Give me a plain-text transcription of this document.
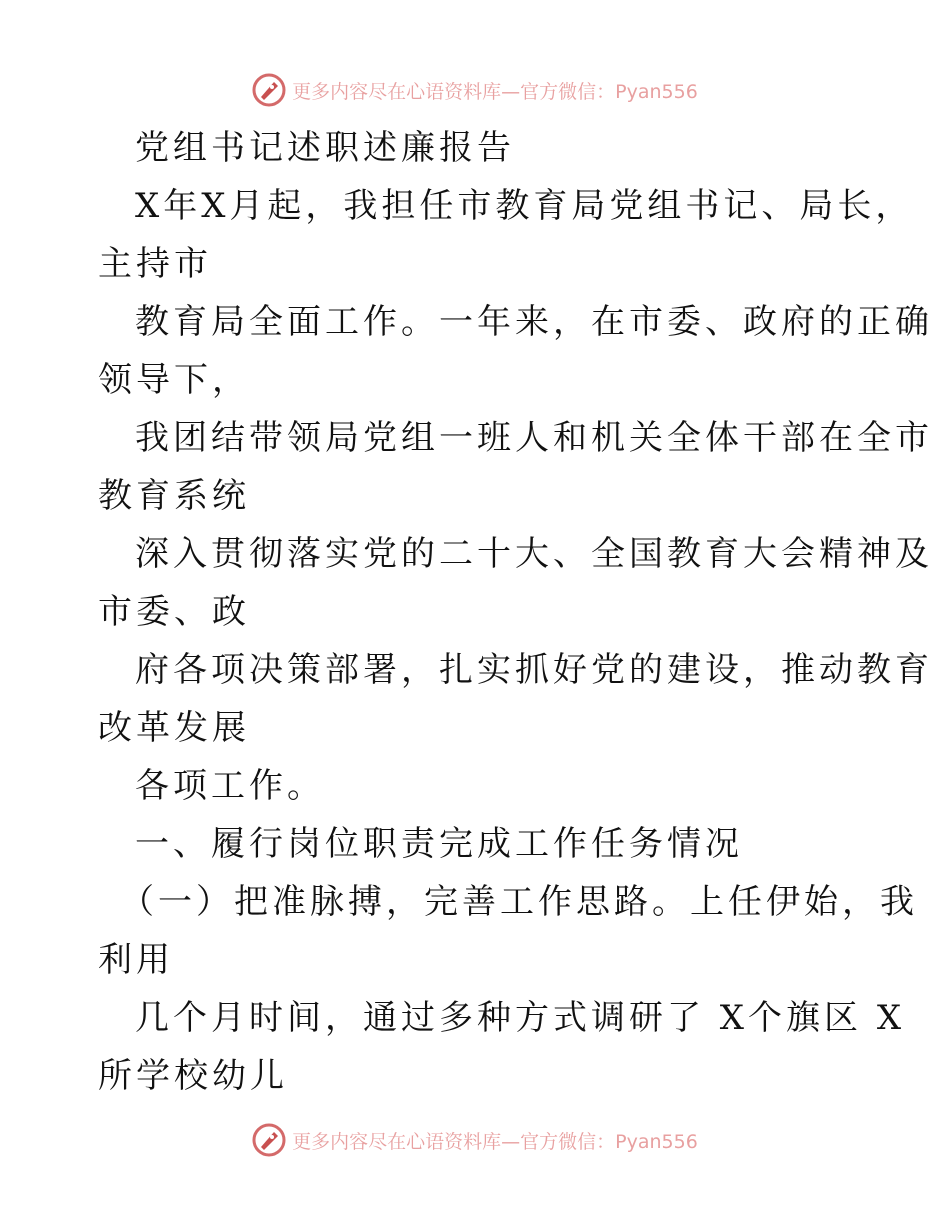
更多内容尽在心语资料库—官方微信：Pyan556
党组书记述职述廉报告
X年X月起，我担任市教育局党组书记、局长，
主持市
教育局全面工作。一年来，在市委、政府的正确
领导下，
我团结带领局党组一班人和机关全体干部在全市
教育系统
深入贯彻落实党的二十大、全国教育大会精神及
市委、政
府各项决策部署，扎实抓好党的建设，推动教育
改革发展
各项工作。
一、履行岗位职责完成工作任务情况
（一）把准脉搏，完善工作思路。上任伊始，我
利用
几个月时间，通过多种方式调研了 X个旗区 X
所学校幼儿
更多内容尽在心语资料库—官方微信：Pyan556
